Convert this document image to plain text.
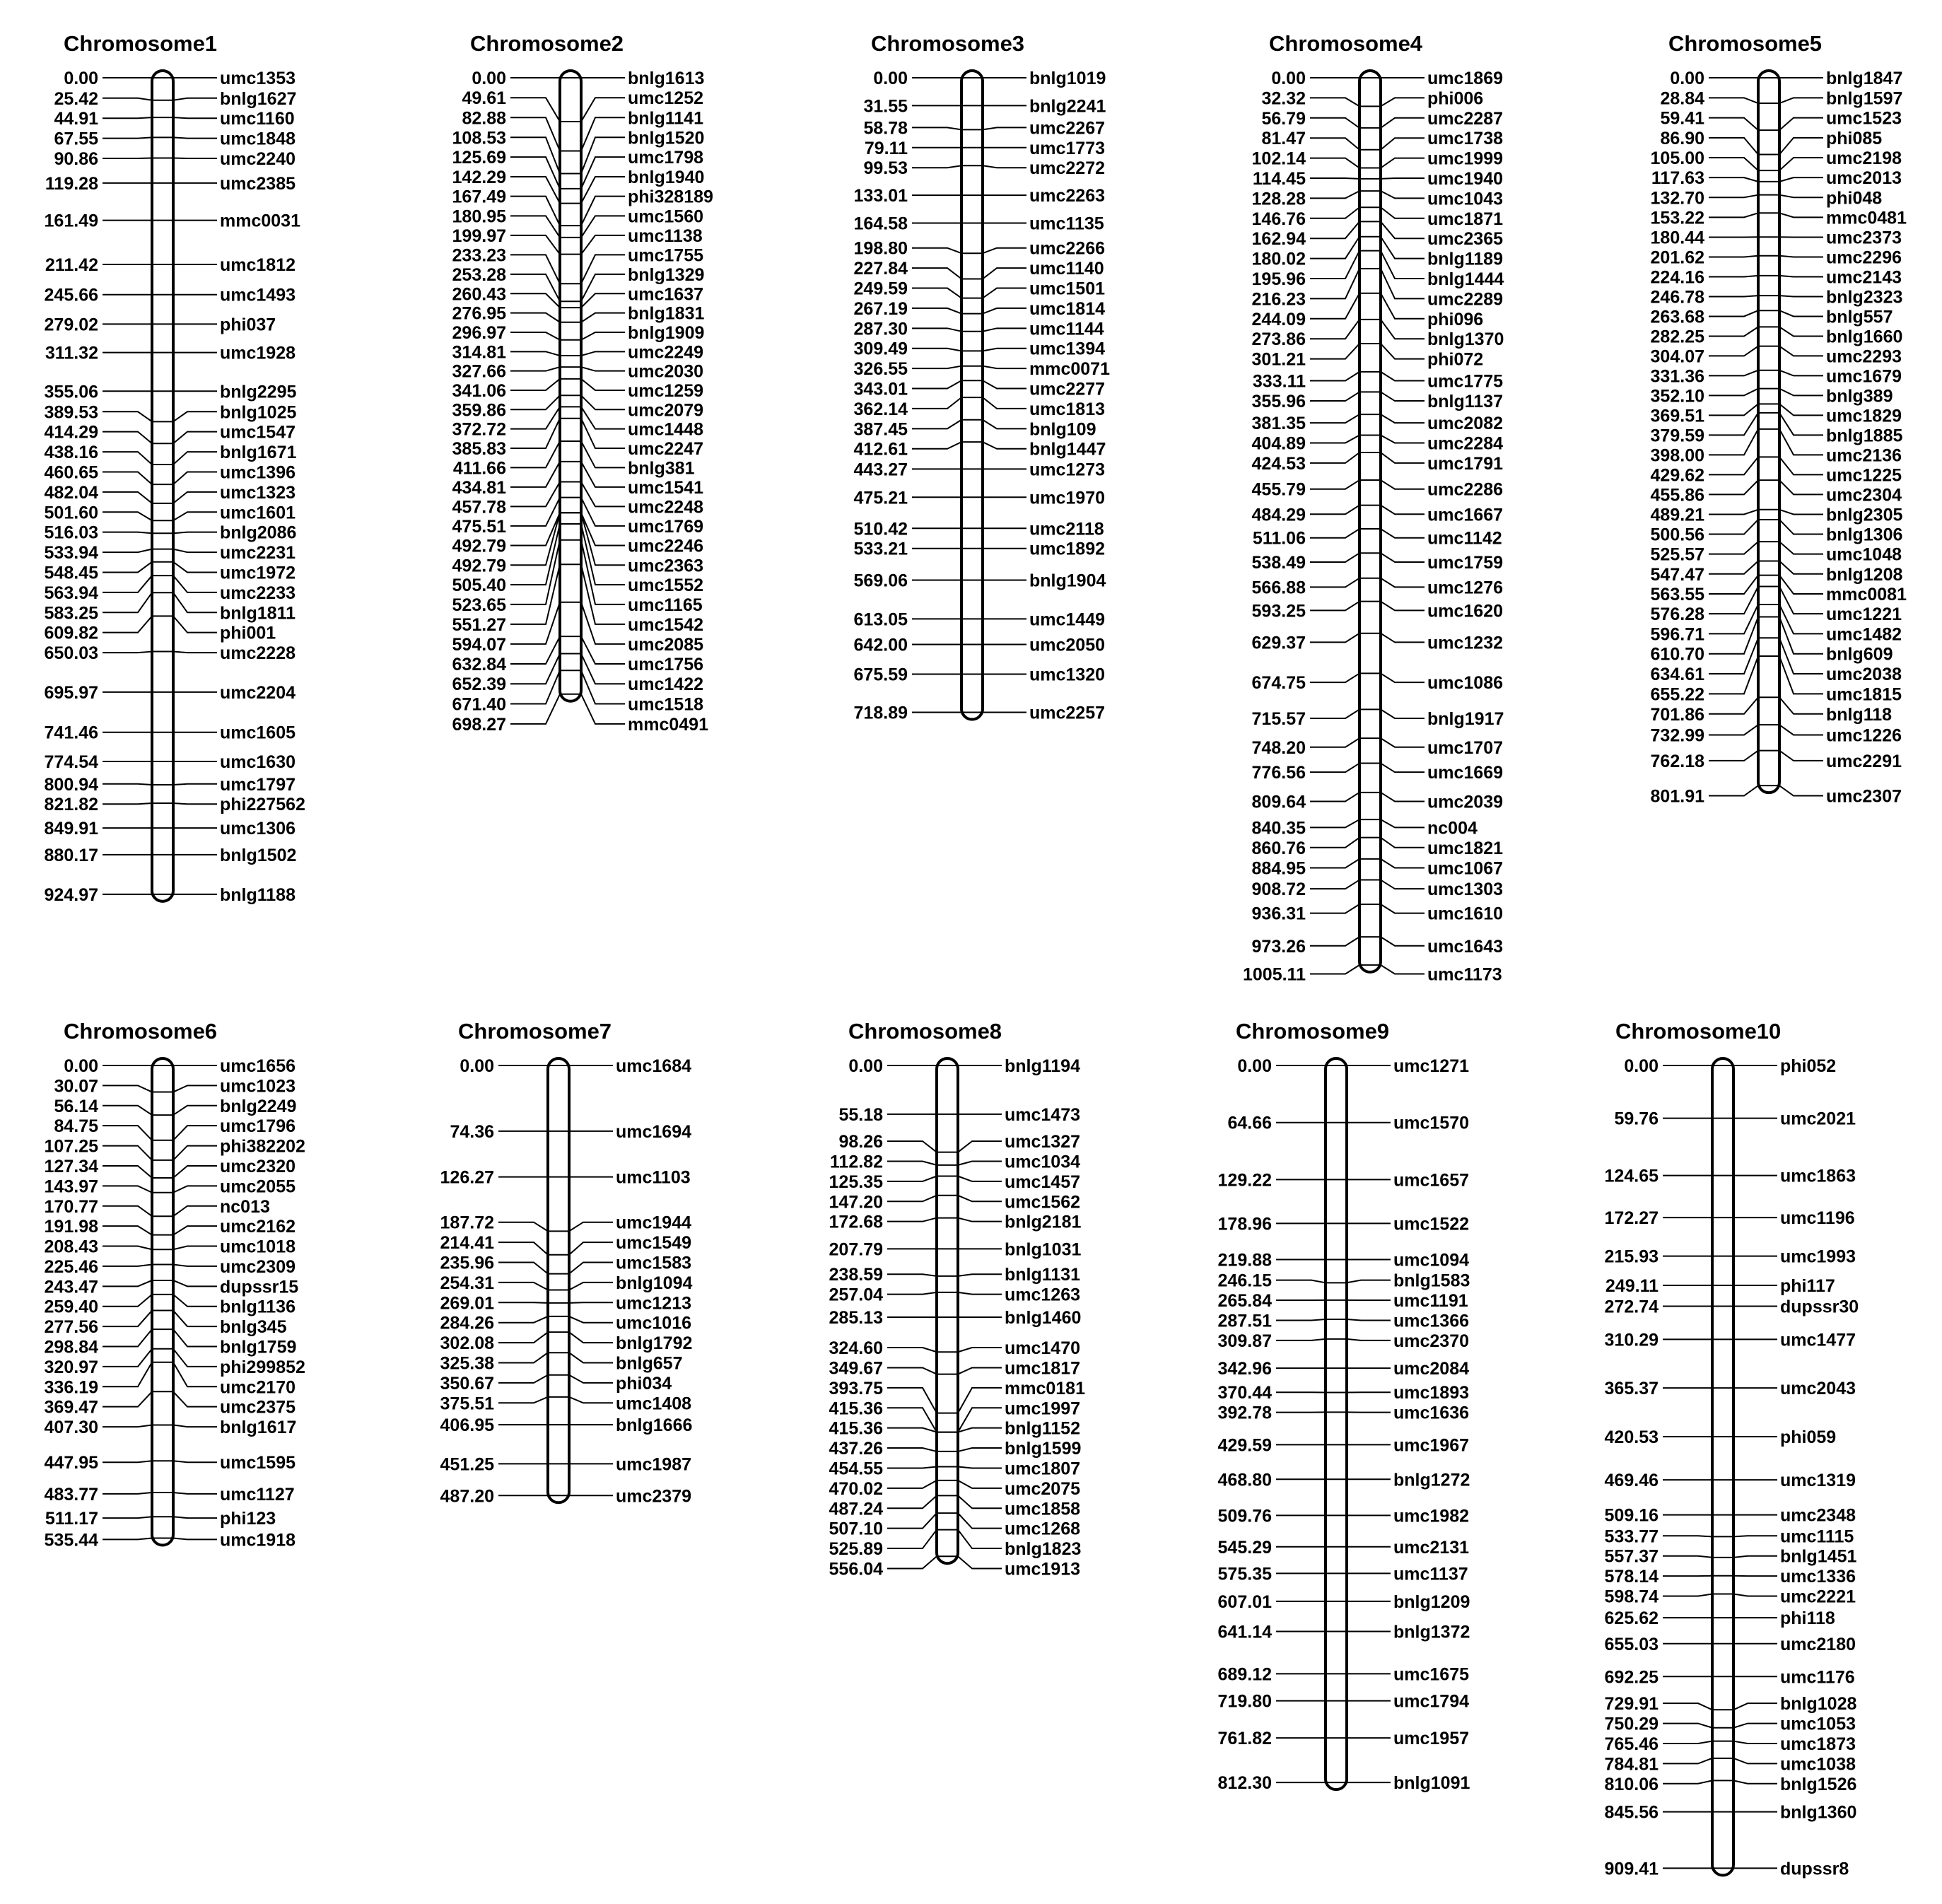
Chromosome1
0.00	umc1353
25.42	bnlg1627
44.91	umc1160
67.55	umc1848
90.86	umc2240
119.28	umc2385
161.49	mmc0031
211.42	umc1812
245.66	umc1493
279.02	phi037
311.32	umc1928
355.06	bnlg2295
389.53	bnlg1025
414.29	umc1547
438.16	bnlg1671
460.65	umc1396
482.04	umc1323
501.60	umc1601
516.03	bnlg2086
533.94	umc2231
548.45	umc1972
563.94	umc2233
583.25	bnlg1811
609.82	phi001
650.03	umc2228
695.97	umc2204
741.46	umc1605
774.54	umc1630
800.94	umc1797
821.82	phi227562
849.91	umc1306
880.17	bnlg1502
924.97	bnlg1188
Chromosome2
0.00	bnlg1613
49.61	umc1252
82.88	bnlg1141
108.53	bnlg1520
125.69	umc1798
142.29	bnlg1940
167.49	phi328189
180.95	umc1560
199.97	umc1138
233.23	umc1755
253.28	bnlg1329
260.43	umc1637
276.95	bnlg1831
296.97	bnlg1909
314.81	umc2249
327.66	umc2030
341.06	umc1259
359.86	umc2079
372.72	umc1448
385.83	umc2247
411.66	bnlg381
434.81	umc1541
457.78	umc2248
475.51	umc1769
492.79	umc2246
492.79	umc2363
505.40	umc1552
523.65	umc1165
551.27	umc1542
594.07	umc2085
632.84	umc1756
652.39	umc1422
671.40	umc1518
698.27	mmc0491
Chromosome3
0.00	bnlg1019
31.55	bnlg2241
58.78	umc2267
79.11	umc1773
99.53	umc2272
133.01	umc2263
164.58	umc1135
198.80	umc2266
227.84	umc1140
249.59	umc1501
267.19	umc1814
287.30	umc1144
309.49	umc1394
326.55	mmc0071
343.01	umc2277
362.14	umc1813
387.45	bnlg109
412.61	bnlg1447
443.27	umc1273
475.21	umc1970
510.42	umc2118
533.21	umc1892
569.06	bnlg1904
613.05	umc1449
642.00	umc2050
675.59	umc1320
718.89	umc2257
Chromosome4
0.00	umc1869
32.32	phi006
56.79	umc2287
81.47	umc1738
102.14	umc1999
114.45	umc1940
128.28	umc1043
146.76	umc1871
162.94	umc2365
180.02	bnlg1189
195.96	bnlg1444
216.23	umc2289
244.09	phi096
273.86	bnlg1370
301.21	phi072
333.11	umc1775
355.96	bnlg1137
381.35	umc2082
404.89	umc2284
424.53	umc1791
455.79	umc2286
484.29	umc1667
511.06	umc1142
538.49	umc1759
566.88	umc1276
593.25	umc1620
629.37	umc1232
674.75	umc1086
715.57	bnlg1917
748.20	umc1707
776.56	umc1669
809.64	umc2039
840.35	nc004
860.76	umc1821
884.95	umc1067
908.72	umc1303
936.31	umc1610
973.26	umc1643
1005.11	umc1173
Chromosome5
0.00	bnlg1847
28.84	bnlg1597
59.41	umc1523
86.90	phi085
105.00	umc2198
117.63	umc2013
132.70	phi048
153.22	mmc0481
180.44	umc2373
201.62	umc2296
224.16	umc2143
246.78	bnlg2323
263.68	bnlg557
282.25	bnlg1660
304.07	umc2293
331.36	umc1679
352.10	bnlg389
369.51	umc1829
379.59	bnlg1885
398.00	umc2136
429.62	umc1225
455.86	umc2304
489.21	bnlg2305
500.56	bnlg1306
525.57	umc1048
547.47	bnlg1208
563.55	mmc0081
576.28	umc1221
596.71	umc1482
610.70	bnlg609
634.61	umc2038
655.22	umc1815
701.86	bnlg118
732.99	umc1226
762.18	umc2291
801.91	umc2307
Chromosome6
0.00	umc1656
30.07	umc1023
56.14	bnlg2249
84.75	umc1796
107.25	phi382202
127.34	umc2320
143.97	umc2055
170.77	nc013
191.98	umc2162
208.43	umc1018
225.46	umc2309
243.47	dupssr15
259.40	bnlg1136
277.56	bnlg345
298.84	bnlg1759
320.97	phi299852
336.19	umc2170
369.47	umc2375
407.30	bnlg1617
447.95	umc1595
483.77	umc1127
511.17	phi123
535.44	umc1918
Chromosome7
0.00	umc1684
74.36	umc1694
126.27	umc1103
187.72	umc1944
214.41	umc1549
235.96	umc1583
254.31	bnlg1094
269.01	umc1213
284.26	umc1016
302.08	bnlg1792
325.38	bnlg657
350.67	phi034
375.51	umc1408
406.95	bnlg1666
451.25	umc1987
487.20	umc2379
Chromosome8
0.00	bnlg1194
55.18	umc1473
98.26	umc1327
112.82	umc1034
125.35	umc1457
147.20	umc1562
172.68	bnlg2181
207.79	bnlg1031
238.59	bnlg1131
257.04	umc1263
285.13	bnlg1460
324.60	umc1470
349.67	umc1817
393.75	mmc0181
415.36	umc1997
415.36	bnlg1152
437.26	bnlg1599
454.55	umc1807
470.02	umc2075
487.24	umc1858
507.10	umc1268
525.89	bnlg1823
556.04	umc1913
Chromosome9
0.00	umc1271
64.66	umc1570
129.22	umc1657
178.96	umc1522
219.88	umc1094
246.15	bnlg1583
265.84	umc1191
287.51	umc1366
309.87	umc2370
342.96	umc2084
370.44	umc1893
392.78	umc1636
429.59	umc1967
468.80	bnlg1272
509.76	umc1982
545.29	umc2131
575.35	umc1137
607.01	bnlg1209
641.14	bnlg1372
689.12	umc1675
719.80	umc1794
761.82	umc1957
812.30	bnlg1091
Chromosome10
0.00	phi052
59.76	umc2021
124.65	umc1863
172.27	umc1196
215.93	umc1993
249.11	phi117
272.74	dupssr30
310.29	umc1477
365.37	umc2043
420.53	phi059
469.46	umc1319
509.16	umc2348
533.77	umc1115
557.37	bnlg1451
578.14	umc1336
598.74	umc2221
625.62	phi118
655.03	umc2180
692.25	umc1176
729.91	bnlg1028
750.29	umc1053
765.46	umc1873
784.81	umc1038
810.06	bnlg1526
845.56	bnlg1360
909.41	dupssr8
